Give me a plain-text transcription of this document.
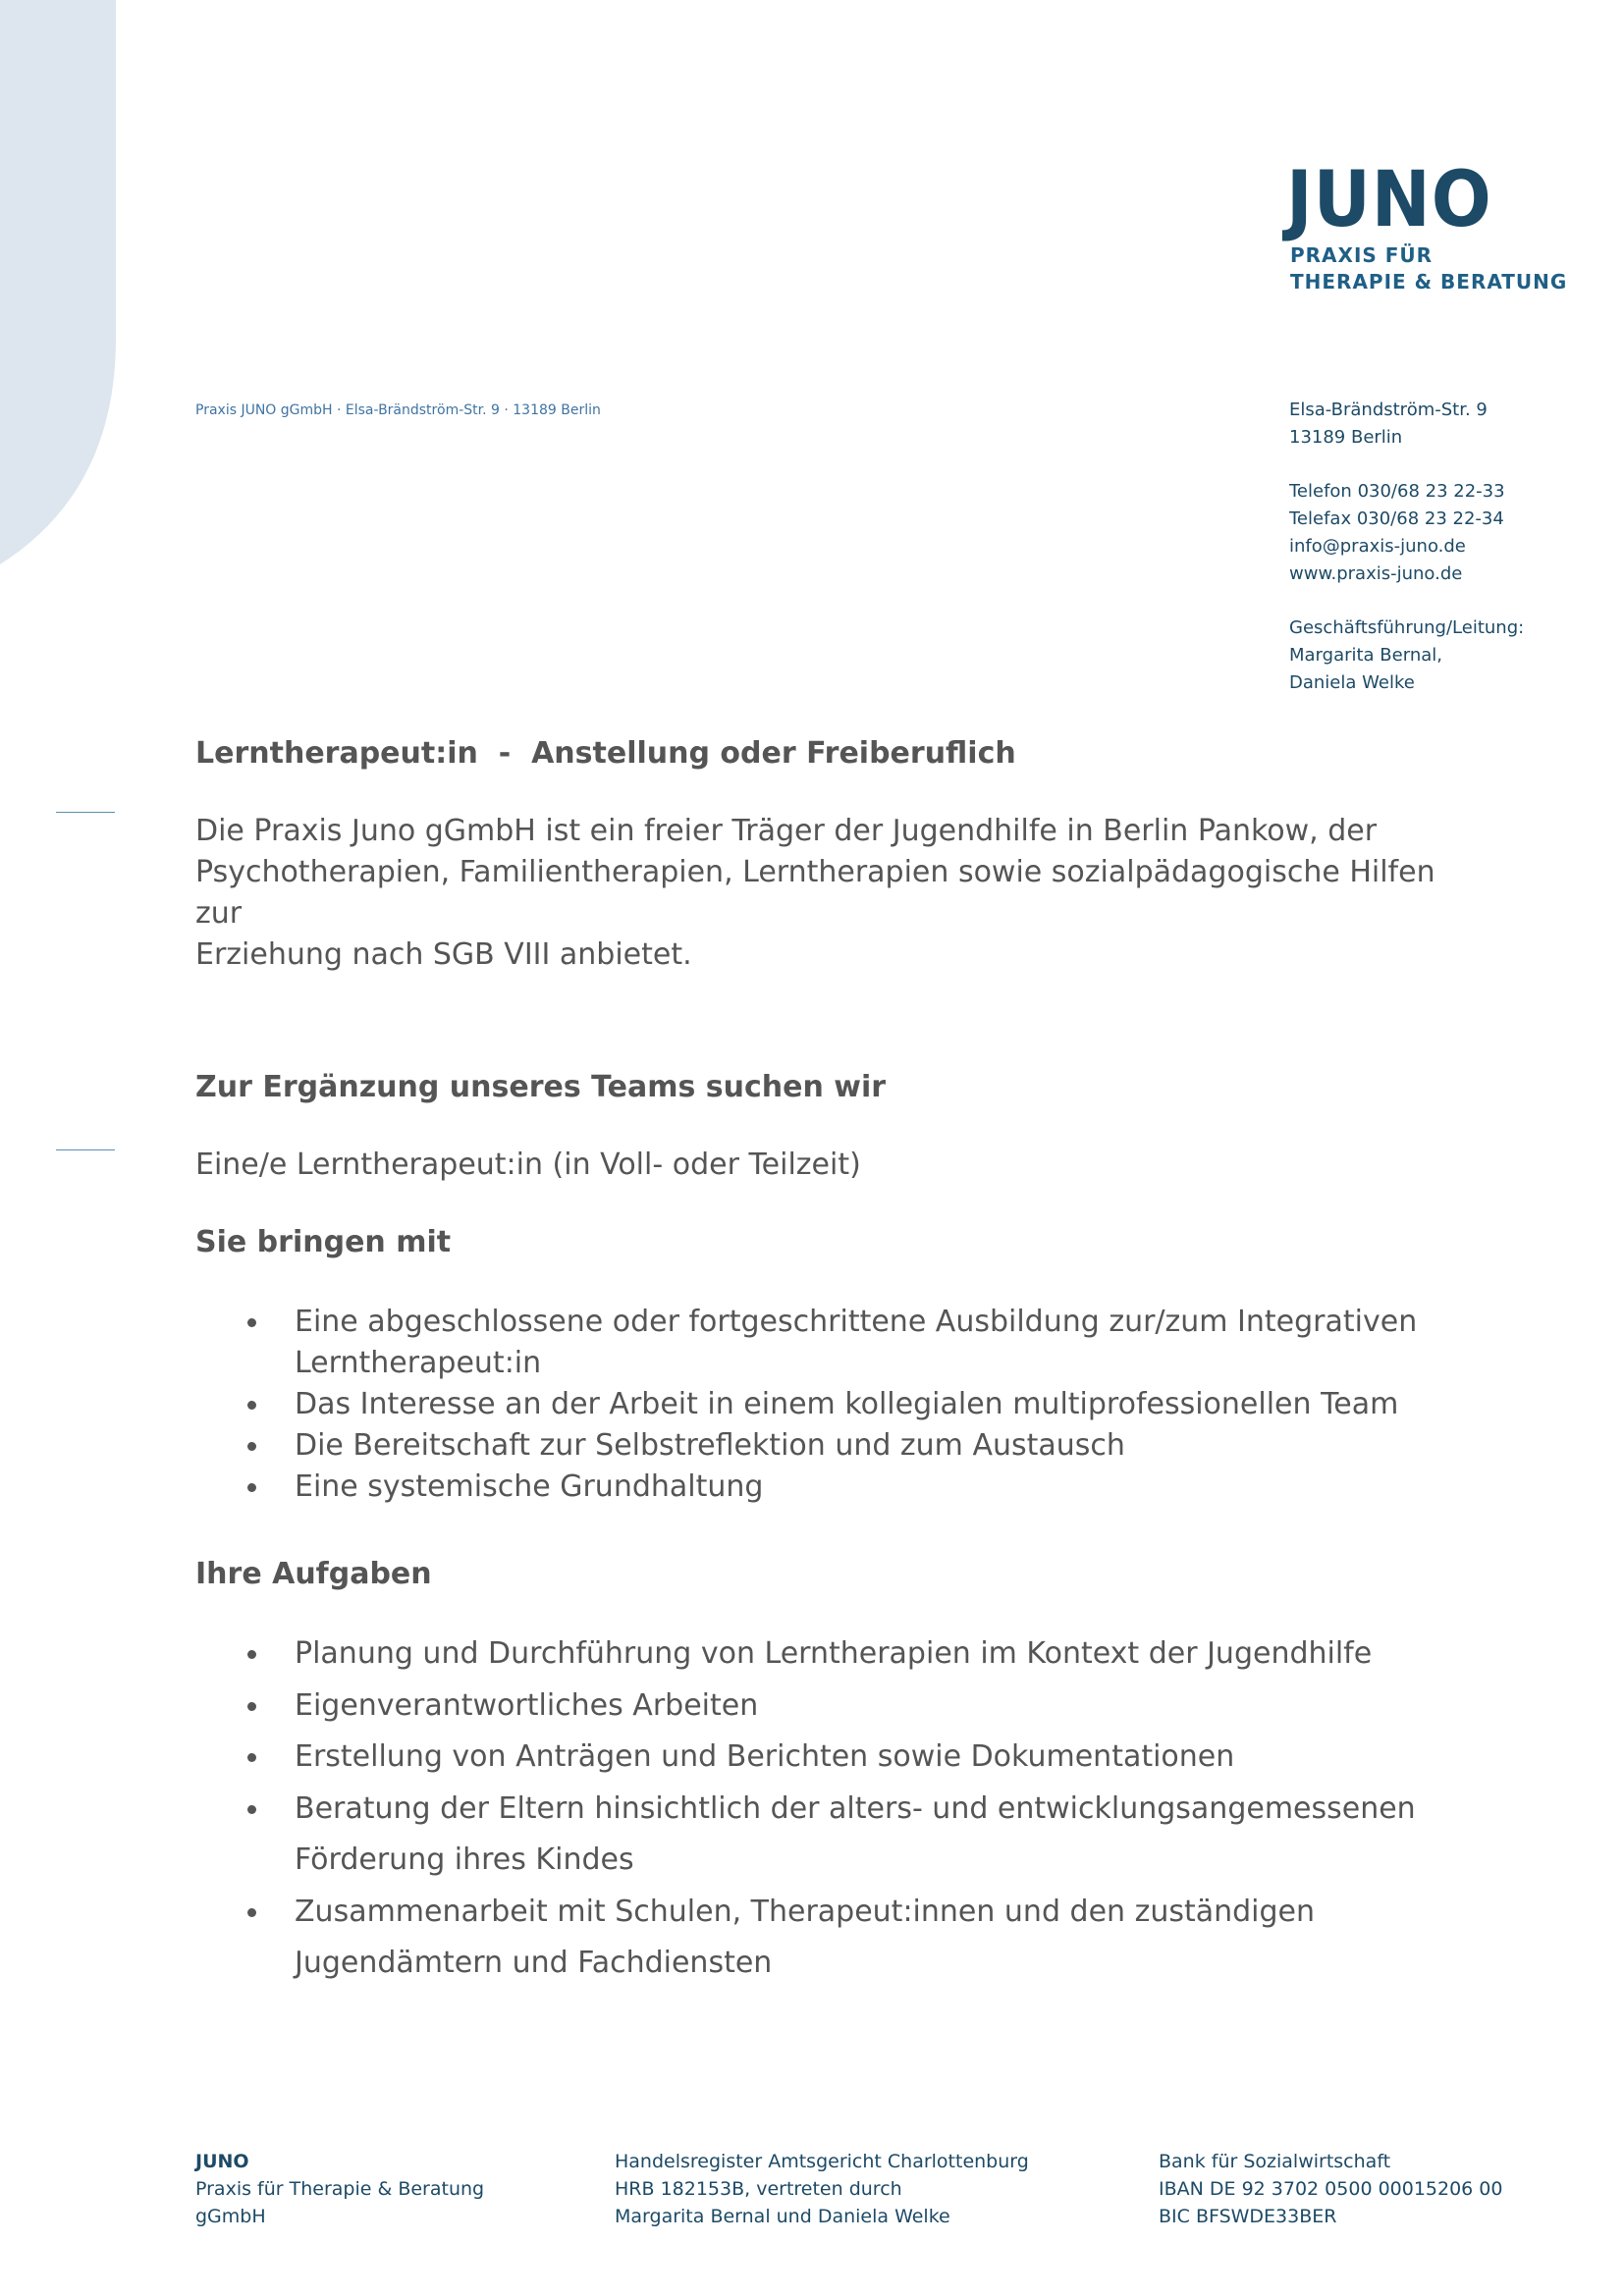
JUNO
PRAXIS FÜR
THERAPIE & BERATUNG
Praxis JUNO gGmbH · Elsa-Brändström-Str. 9 · 13189 Berlin	Elsa-Brändström-Str. 9
13189 Berlin
Telefon 030/68 23 22-33
Telefax 030/68 23 22-34
info@praxis-juno.de
www.praxis-juno.de
Geschäftsführung/Leitung:
Margarita Bernal,
Daniela Welke
Lerntherapeut:in  -  Anstellung oder Freiberuflich
Die Praxis Juno gGmbH ist ein freier Träger der Jugendhilfe in Berlin Pankow, der
Psychotherapien, Familientherapien, Lerntherapien sowie sozialpädagogische Hilfen zur
Erziehung nach SGB VIII anbietet.
Zur Ergänzung unseres Teams suchen wir
Eine/e Lerntherapeut:in (in Voll- oder Teilzeit)
Sie bringen mit
Eine abgeschlossene oder fortgeschrittene Ausbildung zur/zum Integrativen
Lerntherapeut:in
Das Interesse an der Arbeit in einem kollegialen multiprofessionellen Team
Die Bereitschaft zur Selbstreflektion und zum Austausch
Eine systemische Grundhaltung
Ihre Aufgaben
Planung und Durchführung von Lerntherapien im Kontext der Jugendhilfe
Eigenverantwortliches Arbeiten
Erstellung von Anträgen und Berichten sowie Dokumentationen
Beratung der Eltern hinsichtlich der alters- und entwicklungsangemessenen
Förderung ihres Kindes
Zusammenarbeit mit Schulen, Therapeut:innen und den zuständigen
Jugendämtern und Fachdiensten
JUNO
Praxis für Therapie & Beratung
gGmbH
Handelsregister Amtsgericht Charlottenburg
HRB 182153B, vertreten durch
Margarita Bernal und Daniela Welke
Bank für Sozialwirtschaft
IBAN DE 92 3702 0500 00015206 00
BIC BFSWDE33BER
